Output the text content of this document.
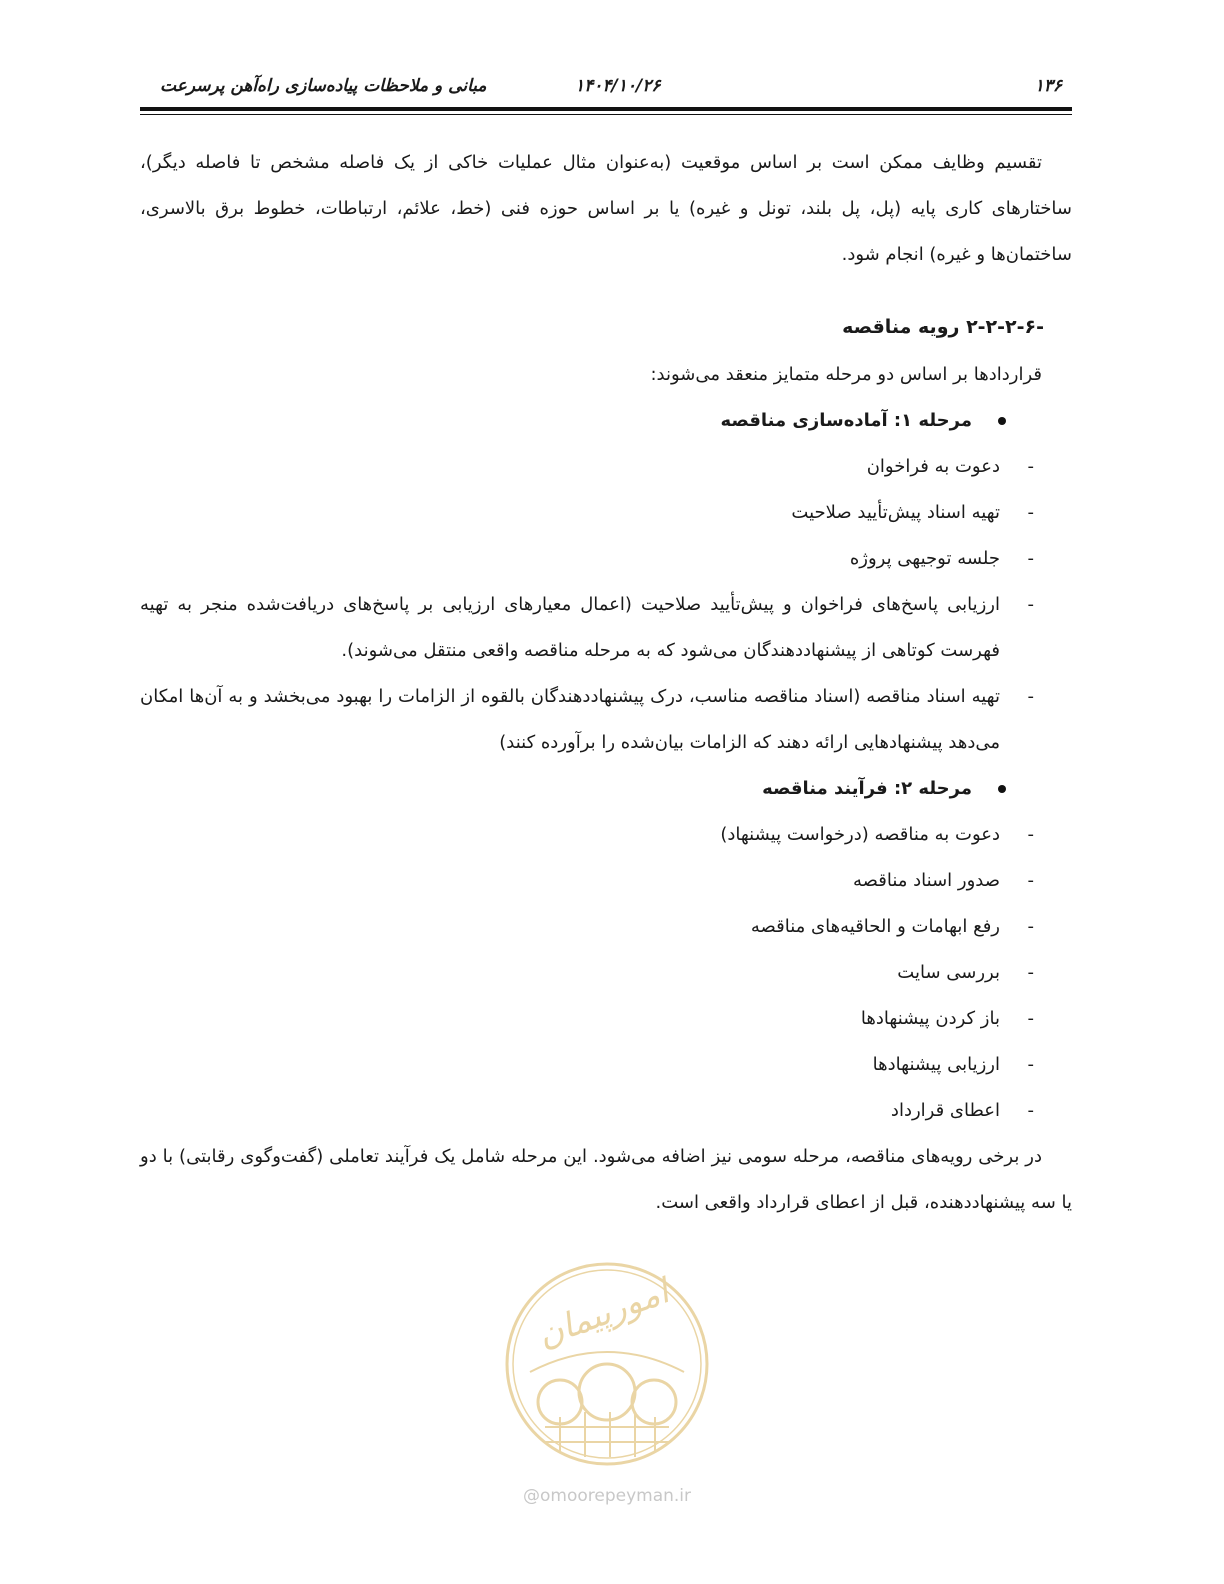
۱۳۶
۱۴۰۴/۱۰/۲۶
مبانی و ملاحظات پیاده‌سازی راه‌آهن پرسرعت

تقسیم وظایف ممکن است بر اساس موقعیت (به‌عنوان مثال عملیات خاکی از یک فاصله مشخص تا فاصله دیگر)، ساختارهای کاری پایه (پل، پل بلند، تونل و غیره) یا بر اساس حوزه فنی (خط، علائم، ارتباطات، خطوط برق بالاسری، ساختمان‌ها و غیره) انجام شود.

۲-۲-۲-۶- رویه مناقصه

قراردادها بر اساس دو مرحله متمایز منعقد می‌شوند:

مرحله ۱: آماده‌سازی مناقصه

-
دعوت به فراخوان

-
تهیه اسناد پیش‌تأیید صلاحیت

-
جلسه توجیهی پروژه

-
ارزیابی پاسخ‌های فراخوان و پیش‌تأیید صلاحیت (اعمال معیارهای ارزیابی بر پاسخ‌های دریافت‌شده منجر به تهیه فهرست کوتاهی از پیشنهاددهندگان می‌شود که به مرحله مناقصه واقعی منتقل می‌شوند).

-
تهیه اسناد مناقصه (اسناد مناقصه مناسب، درک پیشنهاددهندگان بالقوه از الزامات را بهبود می‌بخشد و به آن‌ها امکان می‌دهد پیشنهادهایی ارائه دهند که الزامات بیان‌شده را برآورده کنند)

مرحله ۲: فرآیند مناقصه

-
دعوت به مناقصه (درخواست پیشنهاد)

-
صدور اسناد مناقصه

-
رفع ابهامات و الحاقیه‌های مناقصه

-
بررسی سایت

-
باز کردن پیشنهادها

-
ارزیابی پیشنهادها

-
اعطای قرارداد

در برخی رویه‌های مناقصه، مرحله سومی نیز اضافه می‌شود. این مرحله شامل یک فرآیند تعاملی (گفت‌وگوی رقابتی) با دو یا سه پیشنهاددهنده، قبل از اعطای قرارداد واقعی است.

امورپیمان
@omoorepeyman.ir
